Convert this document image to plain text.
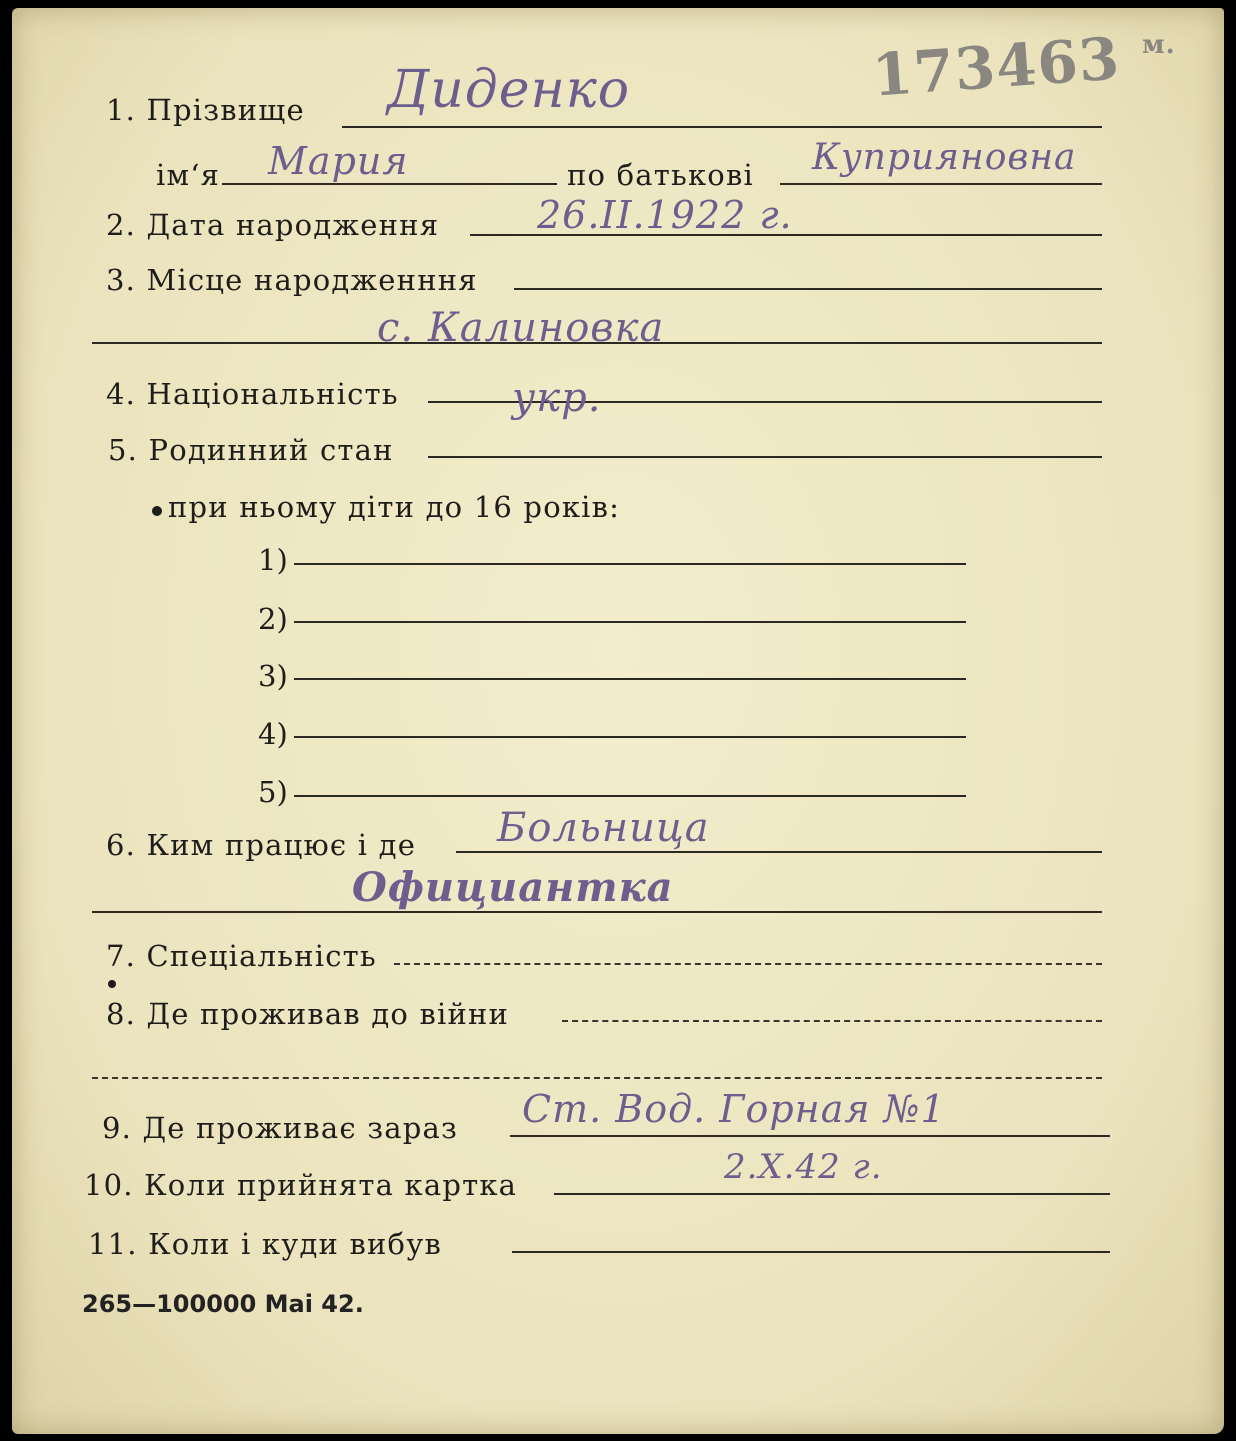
173463 м.
1. Прізвище Диденко
ім‘я Мария	по батькові Куприяновна
2. Дата народження	26.II.1922 г.
3. Місце народженння
с. Калиновка
4. Національність	укр.
5. Родинний стан
при ньому діти до 16 років:
1)
2)
3)
4)
5)
6. Ким працює і де Больница
Официантка
7. Спеціальність
8. Де проживав до війни
9. Де проживає зараз Ст. Вод. Горная №1
10. Коли прийнята картка	2.X.42 г.
11. Коли і куди вибув
265—100000 Mai 42.
